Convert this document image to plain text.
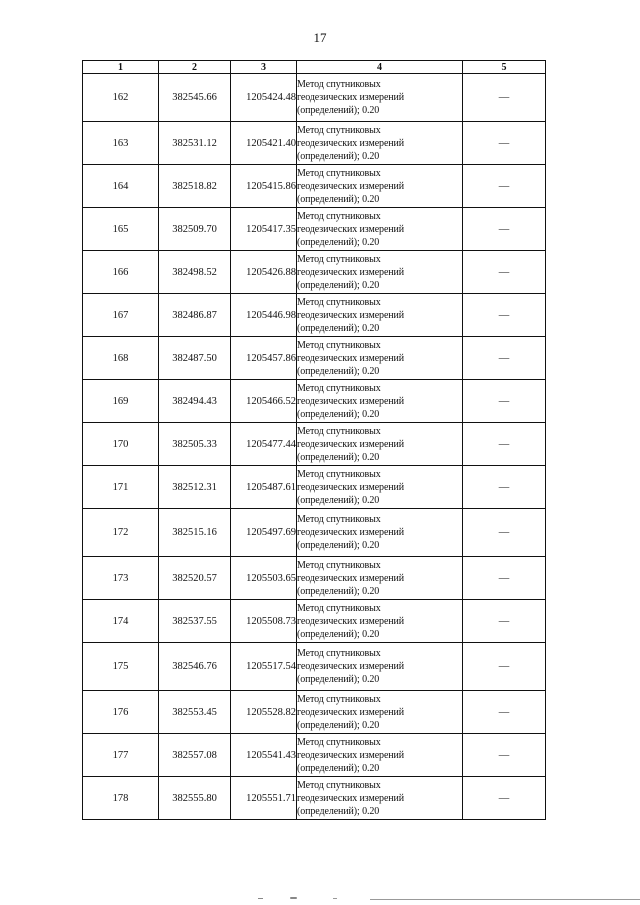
17
1	2	3	4	5
162	382545.66	1205424.48	Метод спутниковых
геодезических измерений
(определений); 0.20	—
163	382531.12	1205421.40	Метод спутниковых
геодезических измерений
(определений); 0.20	—
164	382518.82	1205415.86	Метод спутниковых
геодезических измерений
(определений); 0.20	—
165	382509.70	1205417.35	Метод спутниковых
геодезических измерений
(определений); 0.20	—
166	382498.52	1205426.88	Метод спутниковых
геодезических измерений
(определений); 0.20	—
167	382486.87	1205446.98	Метод спутниковых
геодезических измерений
(определений); 0.20	—
168	382487.50	1205457.86	Метод спутниковых
геодезических измерений
(определений); 0.20	—
169	382494.43	1205466.52	Метод спутниковых
геодезических измерений
(определений); 0.20	—
170	382505.33	1205477.44	Метод спутниковых
геодезических измерений
(определений); 0.20	—
171	382512.31	1205487.61	Метод спутниковых
геодезических измерений
(определений); 0.20	—
172	382515.16	1205497.69	Метод спутниковых
геодезических измерений
(определений); 0.20	—
173	382520.57	1205503.65	Метод спутниковых
геодезических измерений
(определений); 0.20	—
174	382537.55	1205508.73	Метод спутниковых
геодезических измерений
(определений); 0.20	—
175	382546.76	1205517.54	Метод спутниковых
геодезических измерений
(определений); 0.20	—
176	382553.45	1205528.82	Метод спутниковых
геодезических измерений
(определений); 0.20	—
177	382557.08	1205541.43	Метод спутниковых
геодезических измерений
(определений); 0.20	—
178	382555.80	1205551.71	Метод спутниковых
геодезических измерений
(определений); 0.20	—
